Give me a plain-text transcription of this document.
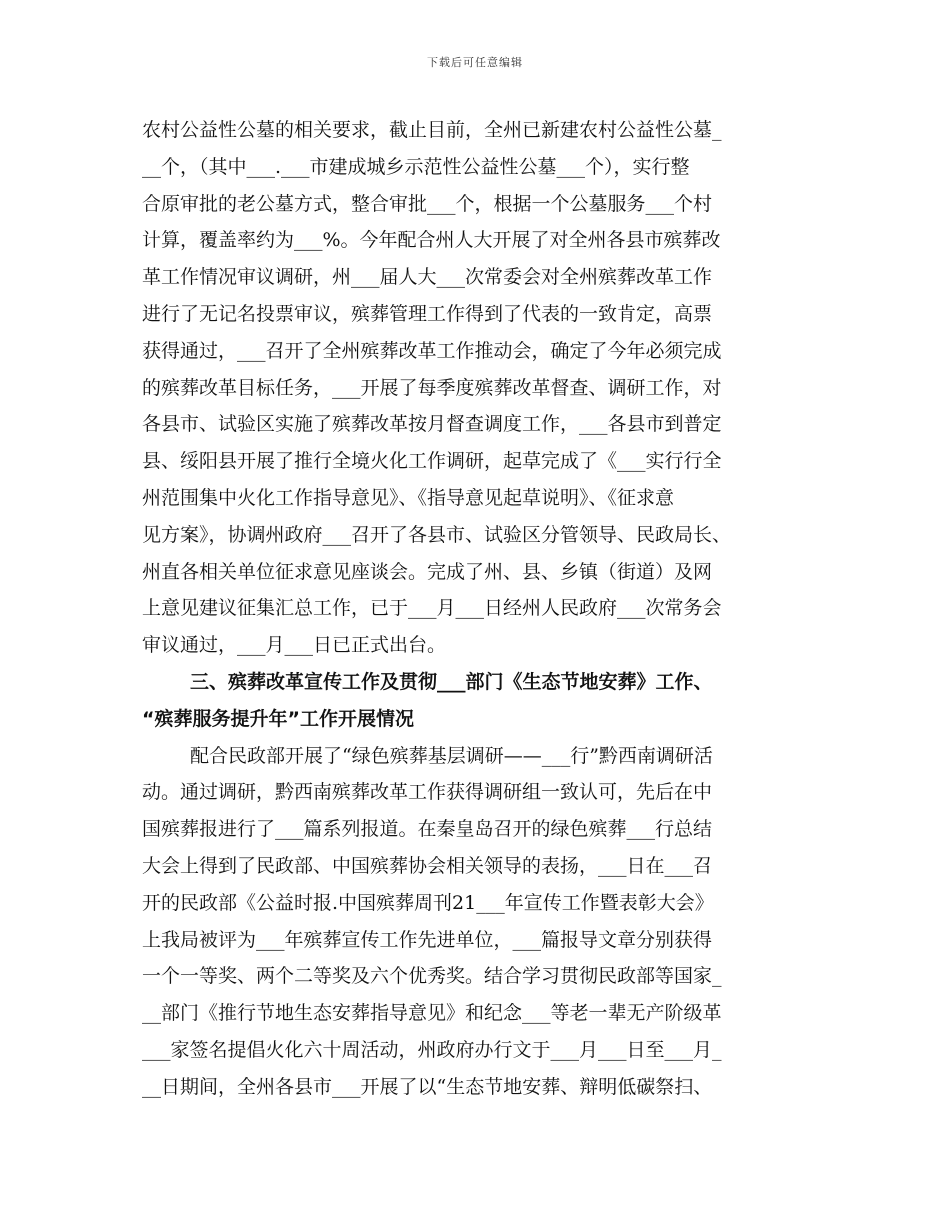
下载后可任意编辑
农村公益性公墓的相关要求，截止目前，全州已新建农村公益性公墓_
__个，（其中___.___市建成城乡示范性公益性公墓___个），实行整
合原审批的老公墓方式，整合审批___个，根据一个公墓服务___个村
计算，覆盖率约为___%。今年配合州人大开展了对全州各县市殡葬改
革工作情况审议调研，州___届人大___次常委会对全州殡葬改革工作
进行了无记名投票审议，殡葬管理工作得到了代表的一致肯定，高票
获得通过，___召开了全州殡葬改革工作推动会，确定了今年必须完成
的殡葬改革目标任务，___开展了每季度殡葬改革督查、调研工作，对
各县市、试验区实施了殡葬改革按月督查调度工作，___各县市到普定
县、绥阳县开展了推行全境火化工作调研，起草完成了《___实行行全
州范围集中火化工作指导意见》、《指导意见起草说明》、《征求意
见方案》，协调州政府___召开了各县市、试验区分管领导、民政局长、
州直各相关单位征求意见座谈会。完成了州、县、乡镇（街道）及网
上意见建议征集汇总工作，已于___月___日经州人民政府___次常务会
审议通过，___月___日已正式出台。
三、殡葬改革宣传工作及贯彻___部门《生态节地安葬》工作、
“殡葬服务提升年”工作开展情况
配合民政部开展了“绿色殡葬基层调研——___行”黔西南调研活
动。通过调研，黔西南殡葬改革工作获得调研组一致认可，先后在中
国殡葬报进行了___篇系列报道。在秦皇岛召开的绿色殡葬___行总结
大会上得到了民政部、中国殡葬协会相关领导的表扬，___日在___召
开的民政部《公益时报.中国殡葬周刊21___年宣传工作暨表彰大会》
上我局被评为___年殡葬宣传工作先进单位，___篇报导文章分别获得
一个一等奖、两个二等奖及六个优秀奖。结合学习贯彻民政部等国家_
__部门《推行节地生态安葬指导意见》和纪念___等老一辈无产阶级革
___家签名提倡火化六十周活动，州政府办行文于___月___日至___月_
__日期间，全州各县市___开展了以“生态节地安葬、辩明低碳祭扫、
